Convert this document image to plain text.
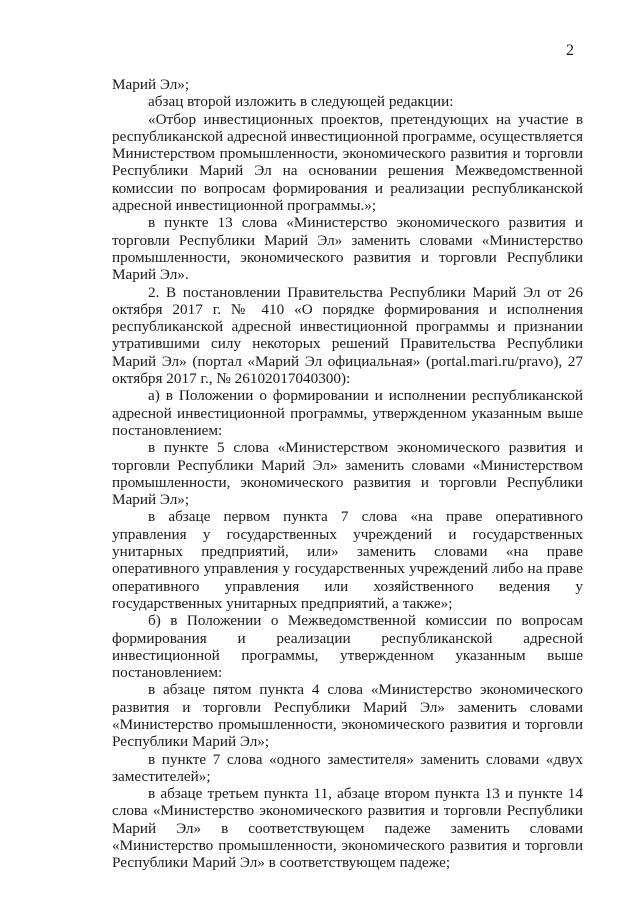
2

Марий Эл»;

абзац второй изложить в следующей редакции:

«Отбор инвестиционных проектов, претендующих на участие в республиканской адресной инвестиционной программе, осуществляется Министерством промышленности, экономического развития и торговли Республики Марий Эл на основании решения Межведомственной комиссии по вопросам формирования и реализации республиканской адресной инвестиционной программы.»;

в пункте 13 слова «Министерство экономического развития и торговли Республики Марий Эл» заменить словами «Министерство промышленности, экономического развития и торговли Республики Марий Эл».

2. В постановлении Правительства Республики Марий Эл от 26 октября 2017 г. № 410 «О порядке формирования и исполнения республиканской адресной инвестиционной программы и признании утратившими силу некоторых решений Правительства Республики Марий Эл» (портал «Марий Эл официальная» (portal.mari.ru/pravo), 27 октября 2017 г., № 26102017040300):

а) в Положении о формировании и исполнении республиканской адресной инвестиционной программы, утвержденном указанным выше постановлением:

в пункте 5 слова «Министерством экономического развития и торговли Республики Марий Эл» заменить словами «Министерством промышленности, экономического развития и торговли Республики Марий Эл»;

в абзаце первом пункта 7 слова «на праве оперативного управления у государственных учреждений и государственных унитарных предприятий, или» заменить словами «на праве оперативного управления у государственных учреждений либо на праве оперативного управления или хозяйственного ведения у государственных унитарных предприятий, а также»;

б) в Положении о Межведомственной комиссии по вопросам формирования и реализации республиканской адресной инвестиционной программы, утвержденном указанным выше постановлением:

в абзаце пятом пункта 4 слова «Министерство экономического развития и торговли Республики Марий Эл» заменить словами «Министерство промышленности, экономического развития и торговли Республики Марий Эл»;

в пункте 7 слова «одного заместителя» заменить словами «двух заместителей»;

в абзаце третьем пункта 11, абзаце втором пункта 13 и пункте 14 слова «Министерство экономического развития и торговли Республики Марий Эл» в соответствующем падеже заменить словами «Министерство промышленности, экономического развития и торговли Республики Марий Эл» в соответствующем падеже;
